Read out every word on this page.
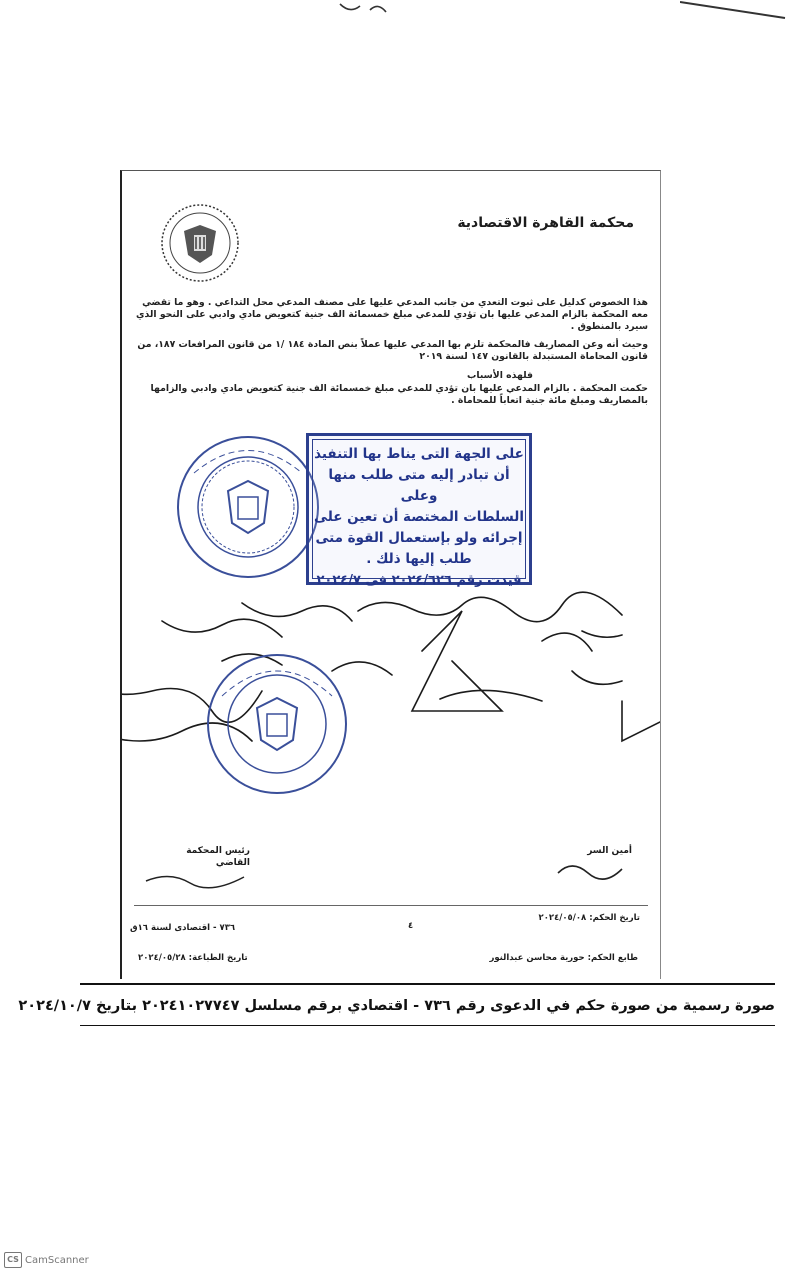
محكمة القاهرة الاقتصادية
هذا الخصوص كدليل على ثبوت التعدي من جانب المدعي عليها على مصنف المدعي محل التداعي . وهو ما تقضي معه المحكمة بالزام المدعي عليها بان تؤدي للمدعي مبلغ خمسمائة الف جنية كتعويض مادي وادبي على النحو الذي سيرد بالمنطوق .
وحيث أنه وعن المصاريف فالمحكمة تلزم بها المدعي عليها عملاً بنص المادة ١٨٤ /١ من قانون المرافعات ١٨٧، من قانون المحاماة المستبدلة بالقانون ١٤٧ لسنة ٢٠١٩
فلهذه الأسباب
حكمت المحكمة . بالزام المدعي عليها بان تؤدي للمدعي مبلغ خمسمائة الف جنية كتعويض مادي وادبي والزامها بالمصاريف ومبلغ مائة جنية اتعاباً للمحاماة .
على الجهة التى يناط بها التنفيذ
أن تبادر إليه متى طلب منها وعلى
السلطات المختصة أن تعين على
إجرائه ولو بإستعمال القوة متى
طلب إليها ذلك .
قيدت رقم ٢٠٢٤/٦٢٦ فى ٢٠٢٤/٧
رئيس المحكمة
القاضي
أمين السر
تاريخ الحكم: ٢٠٢٤/٠٥/٠٨
٧٣٦ - اقتصادى لسنة ١٦ق	٤
تاريخ الطباعة: ٢٠٢٤/٠٥/٢٨	طابع الحكم: حورية محاسن عبدالنور
صورة رسمية من صورة حكم في الدعوى رقم ٧٣٦ - اقتصادي برقم مسلسل ٢٠٢٤١٠٢٧٧٤٧ بتاريخ ٢٠٢٤/١٠/٧
CS CamScanner
